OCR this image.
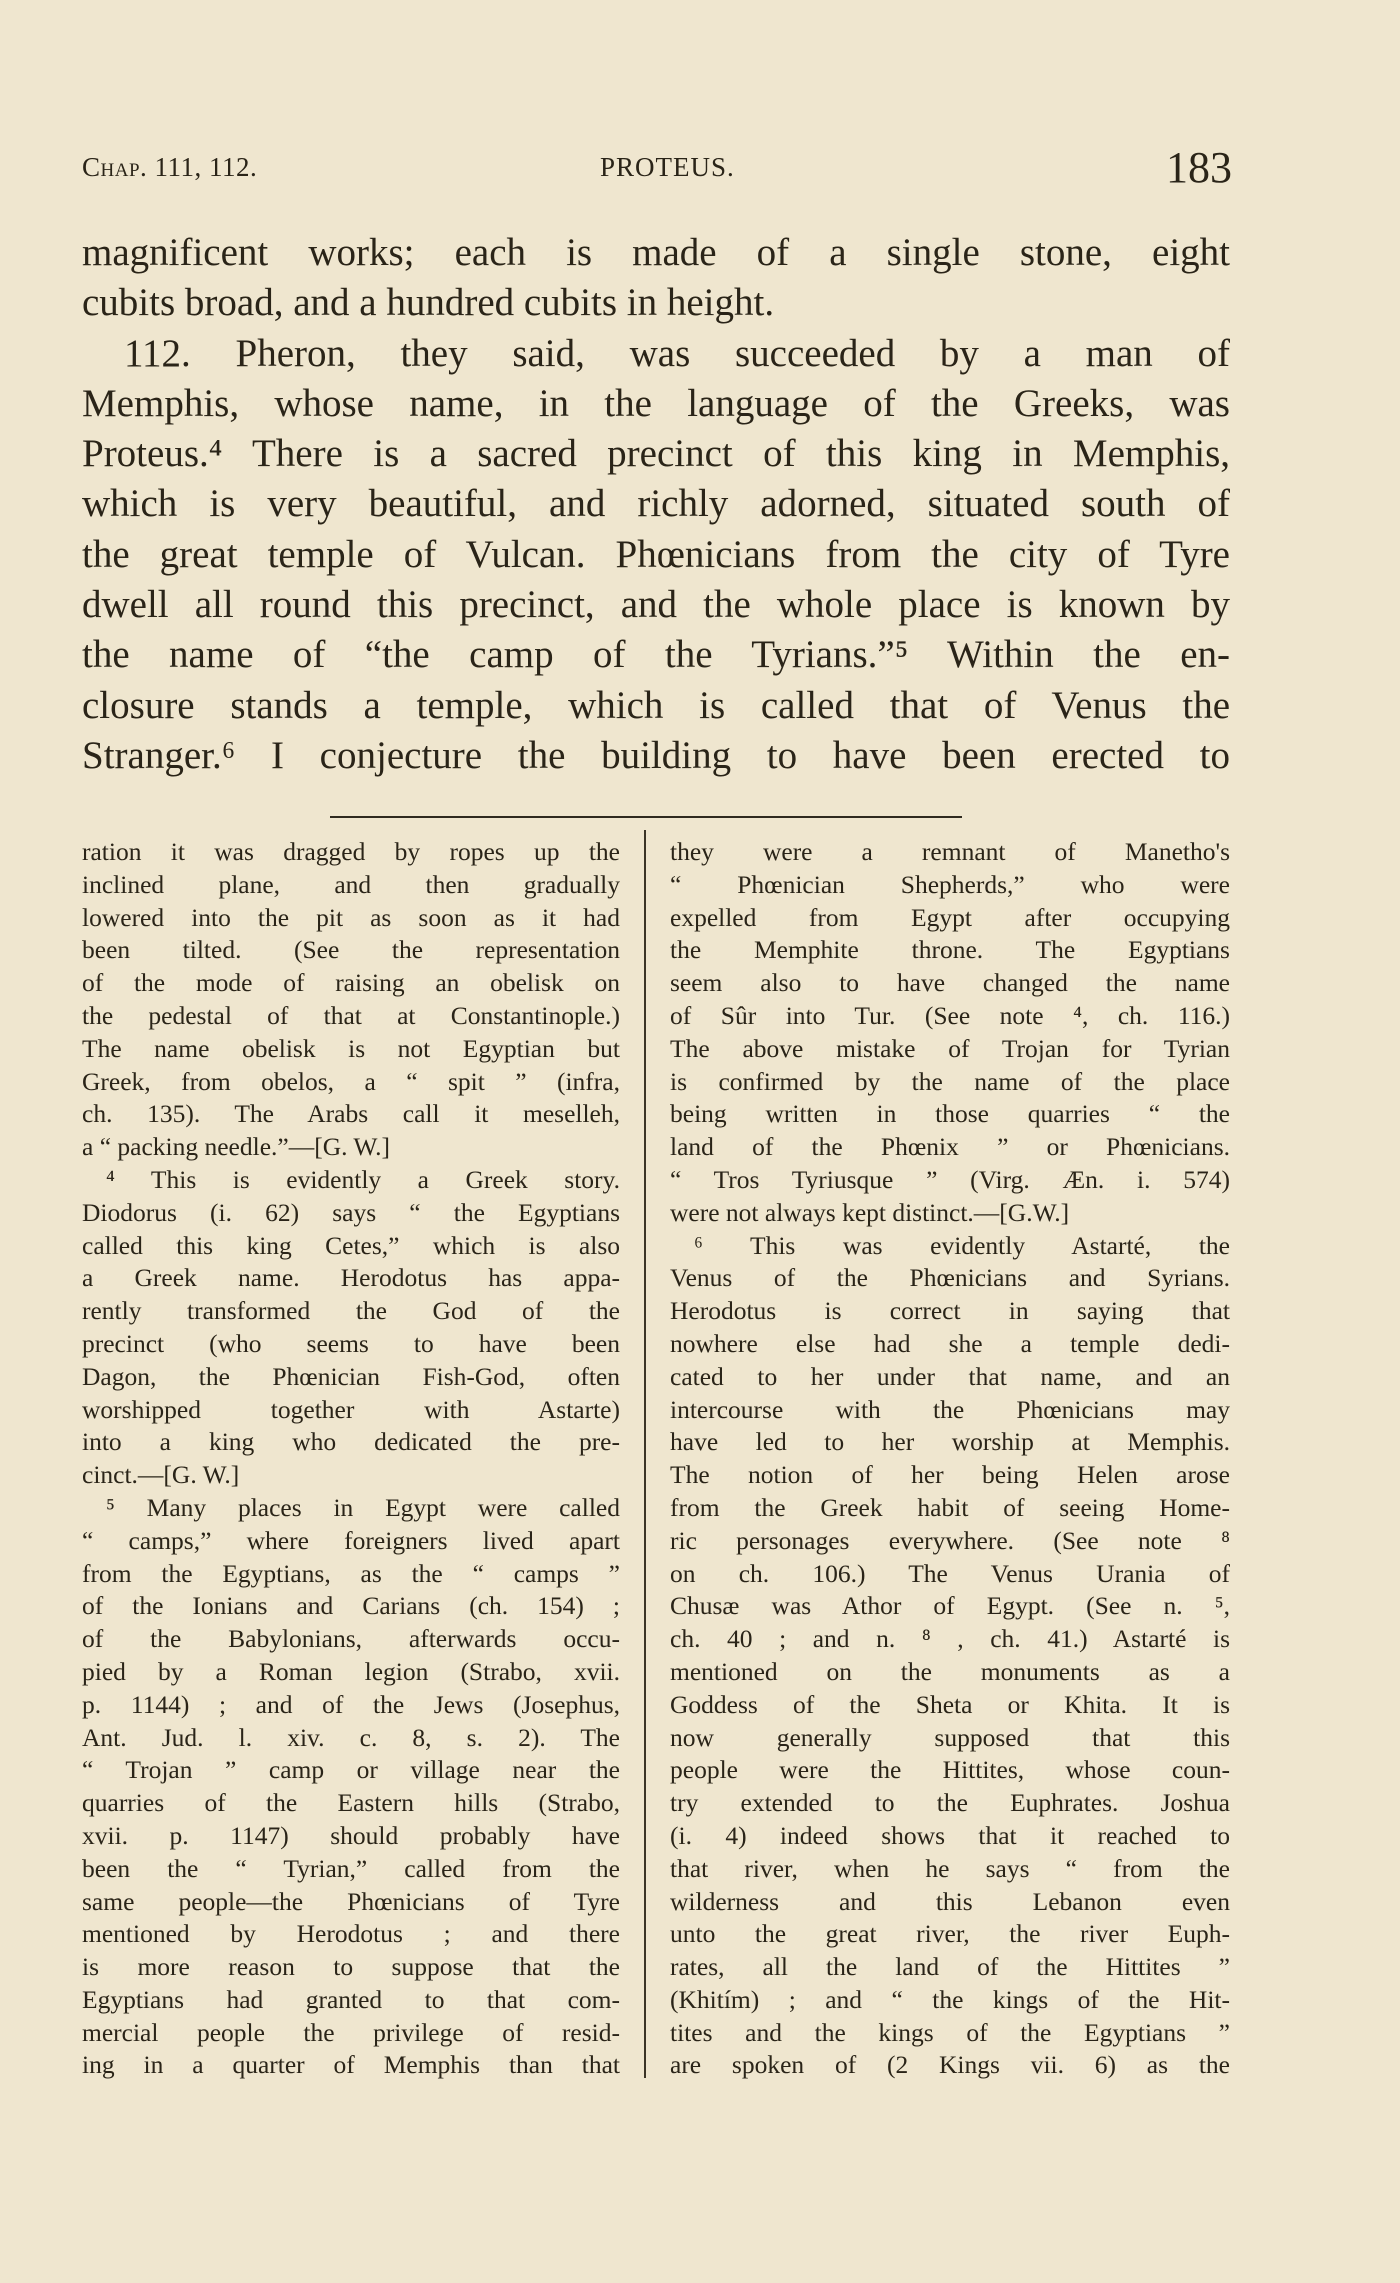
Chap. 111, 112.	PROTEUS.	183
magnificent works; each is made of a single stone, eight
cubits broad, and a hundred cubits in height.
112. Pheron, they said, was succeeded by a man of
Memphis, whose name, in the language of the Greeks, was
Proteus.⁴ There is a sacred precinct of this king in Memphis,
which is very beautiful, and richly adorned, situated south of
the great temple of Vulcan. Phœnicians from the city of Tyre
dwell all round this precinct, and the whole place is known by
the name of “the camp of the Tyrians.”⁵ Within the en-
closure stands a temple, which is called that of Venus the
Stranger.⁶ I conjecture the building to have been erected to
ration it was dragged by ropes up the
inclined plane, and then gradually
lowered into the pit as soon as it had
been tilted. (See the representation
of the mode of raising an obelisk on
the pedestal of that at Constantinople.)
The name obelisk is not Egyptian but
Greek, from obelos, a “ spit ” (infra,
ch. 135). The Arabs call it meselleh,
a “ packing needle.”—[G. W.]
⁴ This is evidently a Greek story.
Diodorus (i. 62) says “ the Egyptians
called this king Cetes,” which is also
a Greek name. Herodotus has appa-
rently transformed the God of the
precinct (who seems to have been
Dagon, the Phœnician Fish-God, often
worshipped together with Astarte)
into a king who dedicated the pre-
cinct.—[G. W.]
⁵ Many places in Egypt were called
“ camps,” where foreigners lived apart
from the Egyptians, as the “ camps ”
of the Ionians and Carians (ch. 154) ;
of the Babylonians, afterwards occu-
pied by a Roman legion (Strabo, xvii.
p. 1144) ; and of the Jews (Josephus,
Ant. Jud. l. xiv. c. 8, s. 2). The
“ Trojan ” camp or village near the
quarries of the Eastern hills (Strabo,
xvii. p. 1147) should probably have
been the “ Tyrian,” called from the
same people—the Phœnicians of Tyre
mentioned by Herodotus ; and there
is more reason to suppose that the
Egyptians had granted to that com-
mercial people the privilege of resid-
ing in a quarter of Memphis than that
they were a remnant of Manetho's
“ Phœnician Shepherds,” who were
expelled from Egypt after occupying
the Memphite throne. The Egyptians
seem also to have changed the name
of Sûr into Tur. (See note ⁴, ch. 116.)
The above mistake of Trojan for Tyrian
is confirmed by the name of the place
being written in those quarries “ the
land of the Phœnix ” or Phœnicians.
“ Tros Tyriusque ” (Virg. Æn. i. 574)
were not always kept distinct.—[G.W.]
⁶ This was evidently Astarté, the
Venus of the Phœnicians and Syrians.
Herodotus is correct in saying that
nowhere else had she a temple dedi-
cated to her under that name, and an
intercourse with the Phœnicians may
have led to her worship at Memphis.
The notion of her being Helen arose
from the Greek habit of seeing Home-
ric personages everywhere. (See note ⁸
on ch. 106.) The Venus Urania of
Chusæ was Athor of Egypt. (See n. ⁵,
ch. 40 ; and n. ⁸ , ch. 41.) Astarté is
mentioned on the monuments as a
Goddess of the Sheta or Khita. It is
now generally supposed that this
people were the Hittites, whose coun-
try extended to the Euphrates. Joshua
(i. 4) indeed shows that it reached to
that river, when he says “ from the
wilderness and this Lebanon even
unto the great river, the river Euph-
rates, all the land of the Hittites ”
(Khitím) ; and “ the kings of the Hit-
tites and the kings of the Egyptians ”
are spoken of (2 Kings vii. 6) as the
